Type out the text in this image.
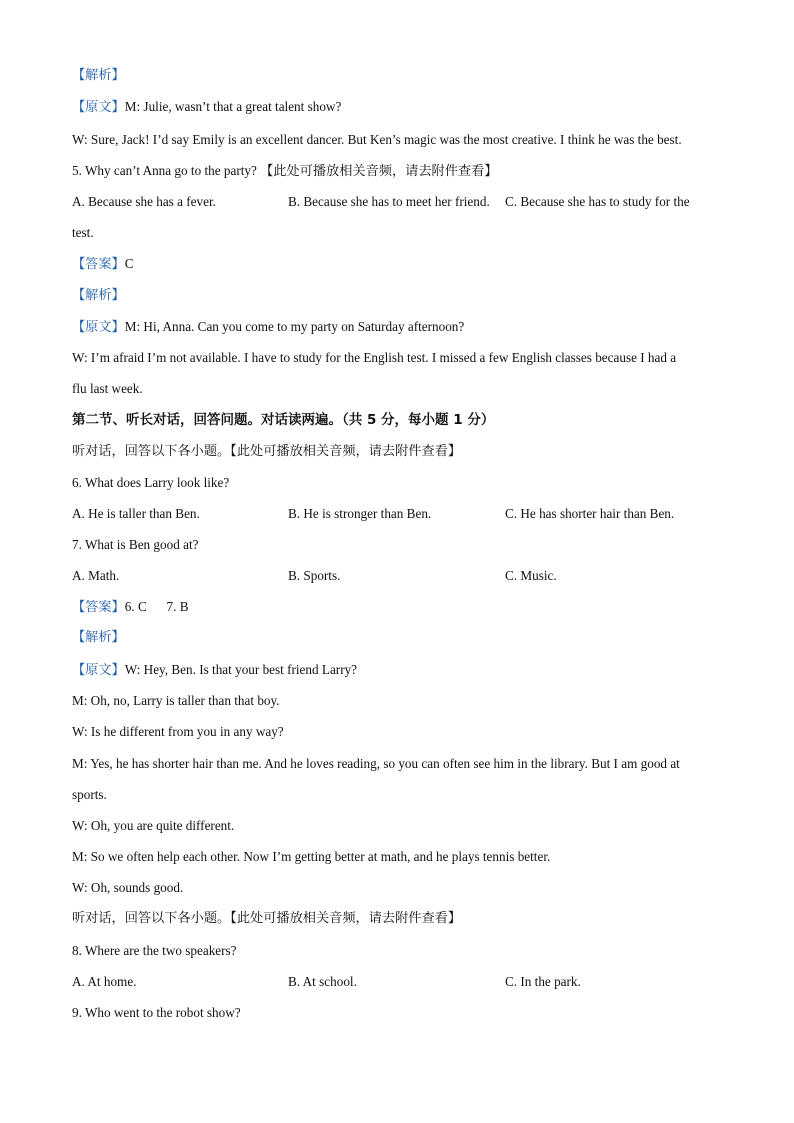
【解析】
【原文】M: Julie, wasn’t that a great talent show?
W: Sure, Jack! I’d say Emily is an excellent dancer. But Ken’s magic was the most creative. I think he was the best.
5. Why can’t Anna go to the party? 【此处可播放相关音频，请去附件查看】
A. Because she has a fever.	B. Because she has to meet her friend. C. Because she has to study for the
test.
【答案】C
【解析】
【原文】M: Hi, Anna. Can you come to my party on Saturday afternoon?
W: I’m afraid I’m not available. I have to study for the English test. I missed a few English classes because I had a
flu last week.
第二节、听长对话，回答问题。对话读两遍。（共 5 分，每小题 1 分）
听对话，回答以下各小题。【此处可播放相关音频，请去附件查看】
6. What does Larry look like?
A. He is taller than Ben.	B. He is stronger than Ben.	C. He has shorter hair than Ben.
7. What is Ben good at?
A. Math.	B. Sports.	C. Music.
【答案】6. C      7. B
【解析】
【原文】W: Hey, Ben. Is that your best friend Larry?
M: Oh, no, Larry is taller than that boy.
W: Is he different from you in any way?
M: Yes, he has shorter hair than me. And he loves reading, so you can often see him in the library. But I am good at
sports.
W: Oh, you are quite different.
M: So we often help each other. Now I’m getting better at math, and he plays tennis better.
W: Oh, sounds good.
听对话，回答以下各小题。【此处可播放相关音频，请去附件查看】
8. Where are the two speakers?
A. At home.	B. At school.	C. In the park.
9. Who went to the robot show?
